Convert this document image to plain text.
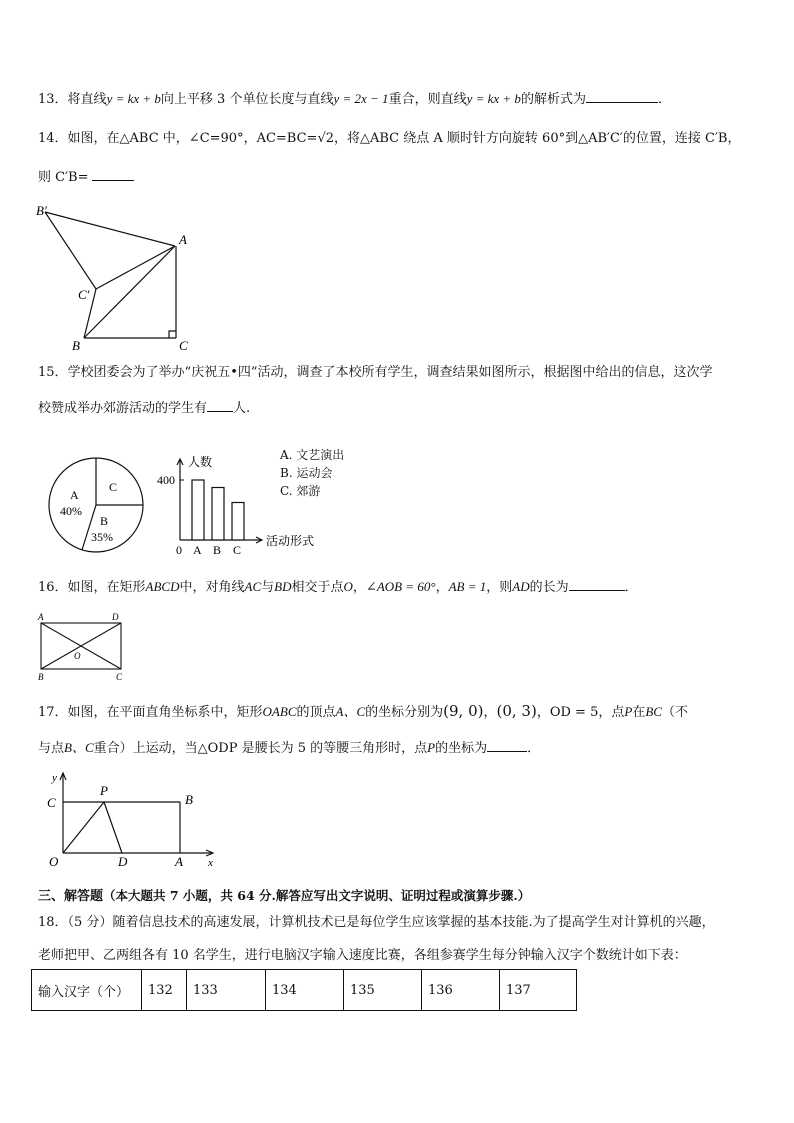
13．将直线y = kx + b向上平移 3 个单位长度与直线y = 2x − 1重合，则直线y = kx + b的解析式为	．
14．如图，在△ABC 中，∠C=90°，AC=BC=√2，将△ABC 绕点 A 顺时针方向旋转 60°到△AB′C′的位置，连接 C′B，
则 C′B=
B′
A
C′
B	C
15．学校团委会为了举办“庆祝五•四”活动，调查了本校所有学生，调查结果如图所示，根据图中给出的信息，这次学
校赞成举办郊游活动的学生有 人.
A
40%
C
B
35%
人数
400
0
活动形式
A B C
A. 文艺演出
B. 运动会
C. 郊游
16．如图，在矩形ABCD中，对角线AC与BD相交于点O，∠AOB = 60°，AB = 1，则AD的长为	．
A	D
O
B	C
17．如图，在平面直角坐标系中，矩形OABC的顶点A、C的坐标分别为(9, 0)，(0, 3)，OD = 5，点P在BC（不
与点B、C重合）上运动，当△ODP 是腰长为 5 的等腰三角形时，点P的坐标为	．
y
C
P
B
O	D	A x
三、解答题（本大题共 7 小题，共 64 分.解答应写出文字说明、证明过程或演算步骤.）
18．（5 分）随着信息技术的高速发展，计算机技术已是每位学生应该掌握的基本技能.为了提高学生对计算机的兴趣，
老师把甲、乙两组各有 10 名学生，进行电脑汉字输入速度比赛，各组参赛学生每分钟输入汉字个数统计如下表：
输入汉字（个）	132	133	134	135	136	137
